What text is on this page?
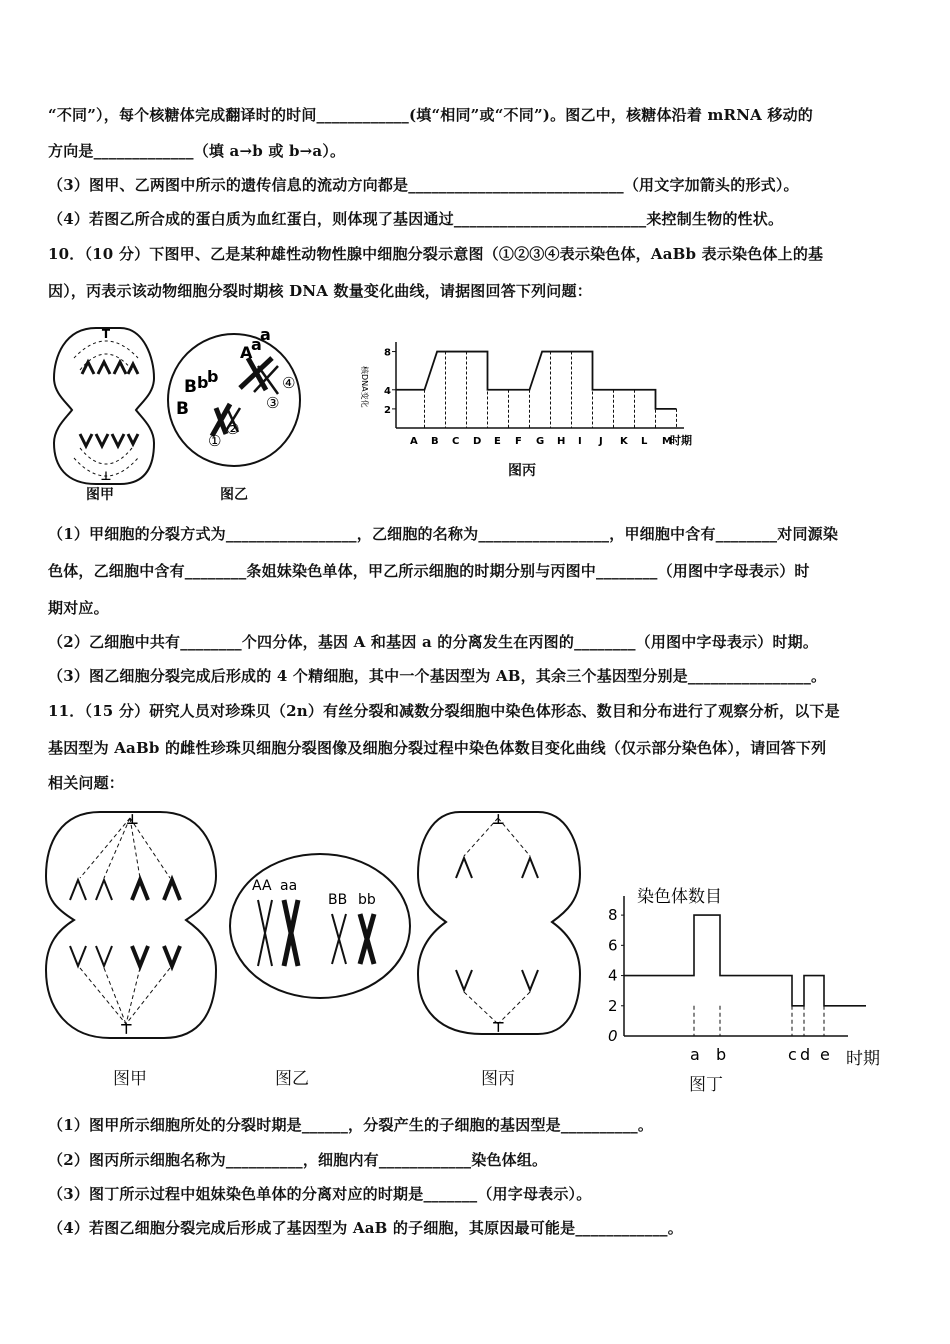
“不同”），每个核糖体完成翻译时的时间____________(填“相同”或“不同”)。图乙中，核糖体沿着 mRNA 移动的
方向是_____________（填 a→b 或 b→a）。
（3）图甲、乙两图中所示的遗传信息的流动方向都是____________________________（用文字加箭头的形式）。
（4）若图乙所合成的蛋白质为血红蛋白，则体现了基因通过_________________________来控制生物的性状。
10．（10 分）下图甲、乙是某种雄性动物性腺中细胞分裂示意图（①②③④表示染色体，AaBb 表示染色体上的基
因），丙表示该动物细胞分裂时期核 DNA 数量变化曲线，请据图回答下列问题：
T
⊥
A
a
a
B b
b
B
①
②
③
④	核DNA变化
时期
2
4
8
A B C D E F G H I J K L M
图甲	图乙
图丙
（1）甲细胞的分裂方式为_________________，乙细胞的名称为_________________，甲细胞中含有________对同源染
色体，乙细胞中含有________条姐妹染色单体，甲乙所示细胞的时期分别与丙图中________（用图中字母表示）时
期对应。
（2）乙细胞中共有________个四分体，基因 A 和基因 a 的分离发生在丙图的________（用图中字母表示）时期。
（3）图乙细胞分裂完成后形成的 4 个精细胞，其中一个基因型为 AB，其余三个基因型分别是________________。
11．（15 分）研究人员对珍珠贝（2n）有丝分裂和减数分裂细胞中染色体形态、数目和分布进行了观察分析，以下是
基因型为 AaBb 的雌性珍珠贝细胞分裂图像及细胞分裂过程中染色体数目变化曲线（仅示部分染色体），请回答下列
相关问题：
⊥
⊤
AA aa
BB bb
⊥
⊤
染色体数目
时期
0
2
4
6
8
a b	c d e
图甲	图乙	图丙	图丁
（1）图甲所示细胞所处的分裂时期是______，分裂产生的子细胞的基因型是__________。
（2）图丙所示细胞名称为__________，细胞内有____________染色体组。
（3）图丁所示过程中姐妹染色单体的分离对应的时期是_______（用字母表示）。
（4）若图乙细胞分裂完成后形成了基因型为 AaB 的子细胞，其原因最可能是____________。
